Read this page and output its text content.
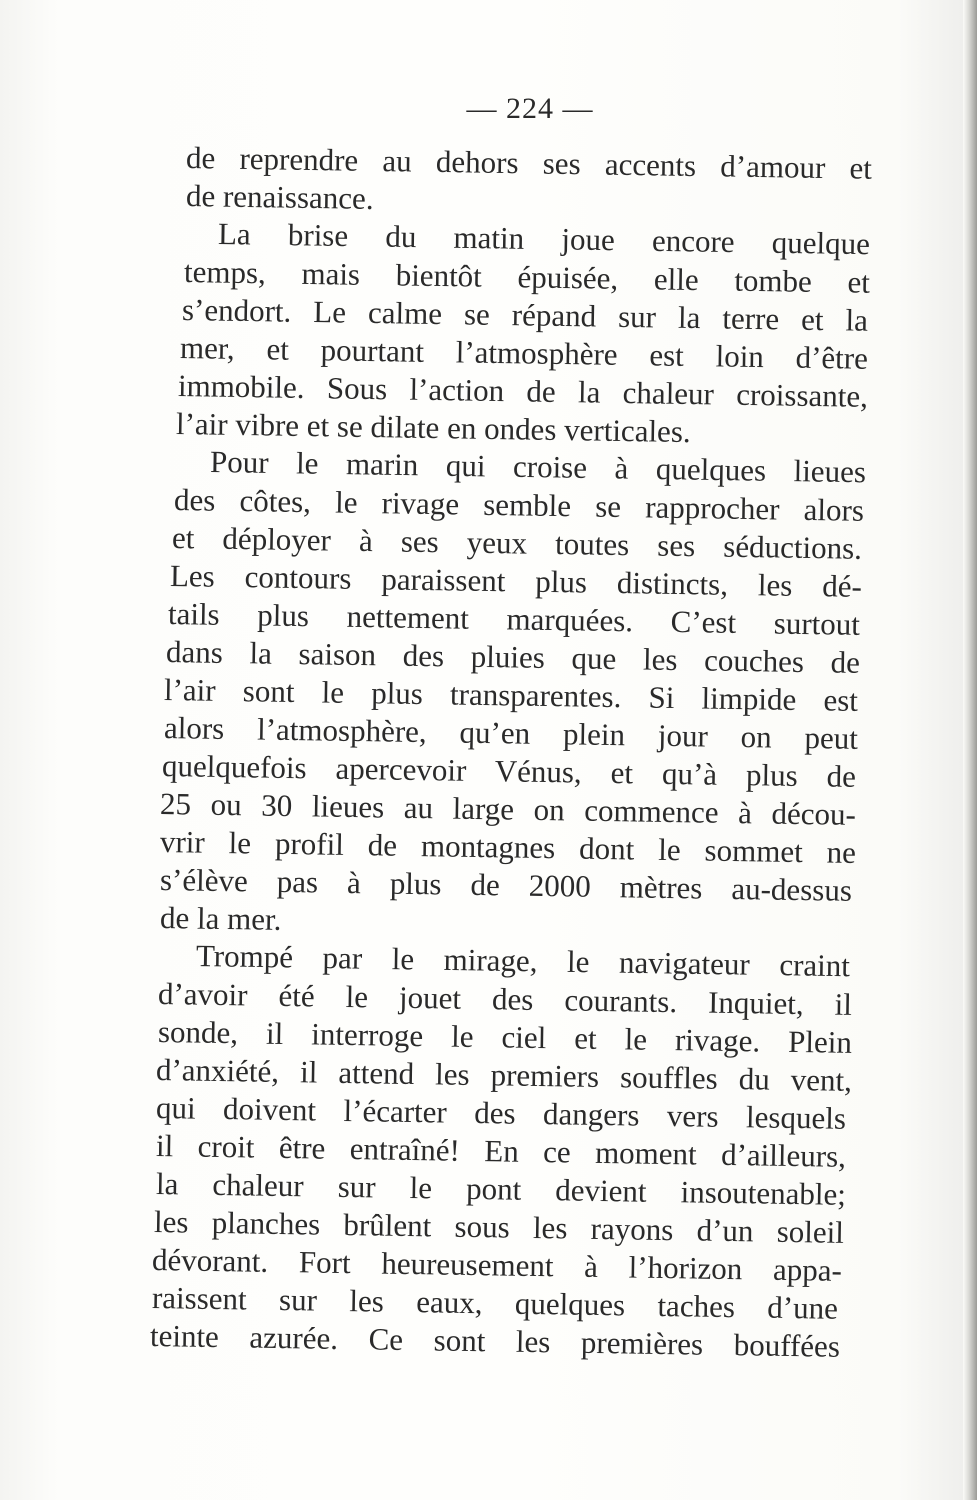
— 224 —
de reprendre au dehors ses accents d’amour et
de renaissance.
La brise du matin joue encore quelque
temps, mais bientôt épuisée, elle tombe et
s’endort. Le calme se répand sur la terre et la
mer, et pourtant l’atmosphère est loin d’être
immobile. Sous l’action de la chaleur croissante,
l’air vibre et se dilate en ondes verticales.
Pour le marin qui croise à quelques lieues
des côtes, le rivage semble se rapprocher alors
et déployer à ses yeux toutes ses séductions.
Les contours paraissent plus distincts, les dé-
tails plus nettement marquées. C’est surtout
dans la saison des pluies que les couches de
l’air sont le plus transparentes. Si limpide est
alors l’atmosphère, qu’en plein jour on peut
quelquefois apercevoir Vénus, et qu’à plus de
25 ou 30 lieues au large on commence à décou-
vrir le profil de montagnes dont le sommet ne
s’élève pas à plus de 2000 mètres au-dessus
de la mer.
Trompé par le mirage, le navigateur craint
d’avoir été le jouet des courants. Inquiet, il
sonde, il interroge le ciel et le rivage. Plein
d’anxiété, il attend les premiers souffles du vent,
qui doivent l’écarter des dangers vers lesquels
il croit être entraîné! En ce moment d’ailleurs,
la chaleur sur le pont devient insoutenable;
les planches brûlent sous les rayons d’un soleil
dévorant. Fort heureusement à l’horizon appa-
raissent sur les eaux, quelques taches d’une
teinte azurée. Ce sont les premières bouffées
